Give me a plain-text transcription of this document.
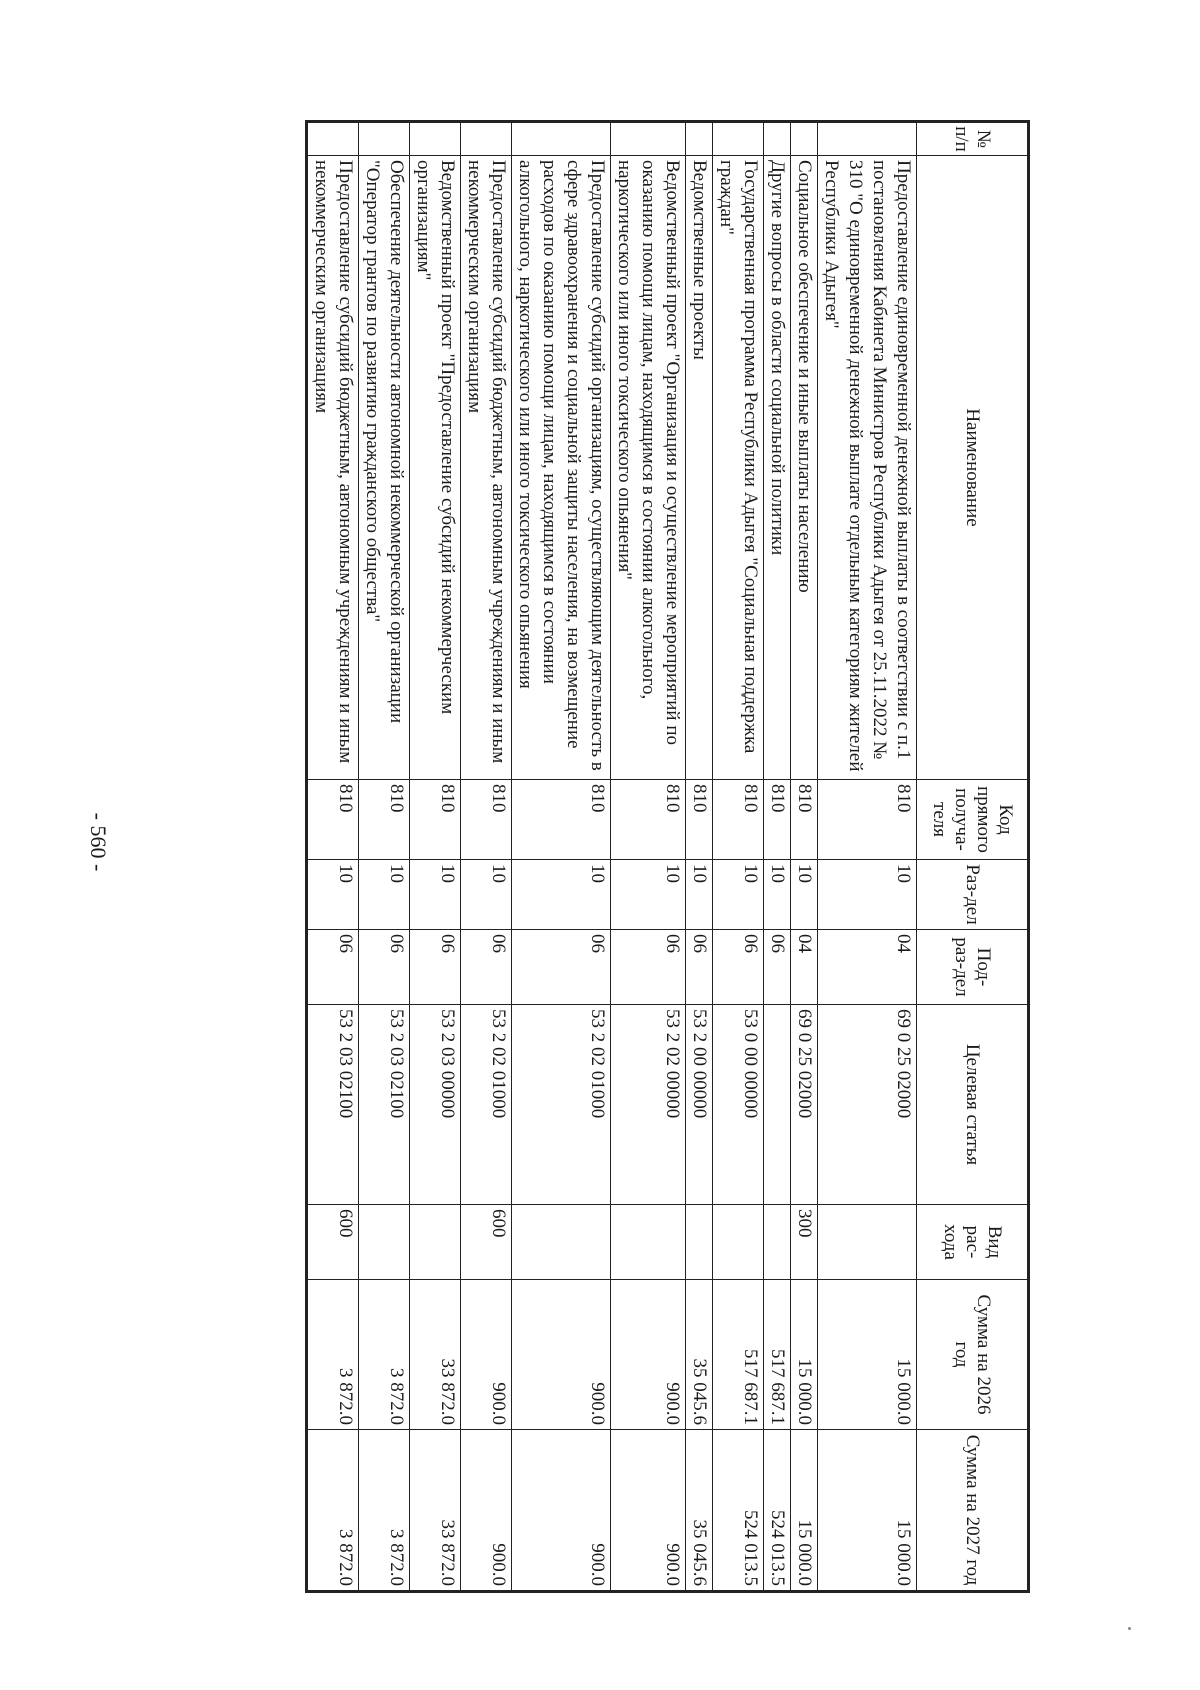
- 560 -
№ п/п	Наименование	Код прямого получа-теля	Раз-дел	Под-раз-дел	Целевая статья	Вид рас-хода	Сумма на 2026 год	Сумма на 2027 год
	Предоставление единовременной денежной выплаты в соответствии с п.1 постановления Кабинета Министров Республики Адыгея от 25.11.2022 № 310 "О единовременной денежной выплате отдельным категориям жителей Республики Адыгея"	810	10	04	69 0 25 02000		15 000.0	15 000.0
	Социальное обеспечение и иные выплаты населению	810	10	04	69 0 25 02000	300	15 000.0	15 000.0
	Другие вопросы в области социальной политики	810	10	06			517 687.1	524 013.5
	Государственная программа Республики Адыгея "Социальная поддержка граждан"	810	10	06	53 0 00 00000		517 687.1	524 013.5
	Ведомственные проекты	810	10	06	53 2 00 00000		35 045.6	35 045.6
	Ведомственный проект "Организация и осуществление мероприятий по оказанию помощи лицам, находящимся в состоянии алкогольного, наркотического или иного токсического опьянения"	810	10	06	53 2 02 00000		900.0	900.0
	Предоставление субсидий организациям, осуществляющим деятельность в сфере здравоохранения и социальной защиты населения, на возмещение расходов по оказанию помощи лицам, находящимся в состоянии алкогольного, наркотического или иного токсического опьянения	810	10	06	53 2 02 01000		900.0	900.0
	Предоставление субсидий бюджетным, автономным учреждениям и иным некоммерческим организациям	810	10	06	53 2 02 01000	600	900.0	900.0
	Ведомственный проект "Предоставление субсидий некоммерческим организациям"	810	10	06	53 2 03 00000		33 872.0	33 872.0
	Обеспечение деятельности автономной некоммерческой организации "Оператор грантов по развитию гражданского общества"	810	10	06	53 2 03 02100		3 872.0	3 872.0
	Предоставление субсидий бюджетным, автономным учреждениям и иным некоммерческим организациям	810	10	06	53 2 03 02100	600	3 872.0	3 872.0
